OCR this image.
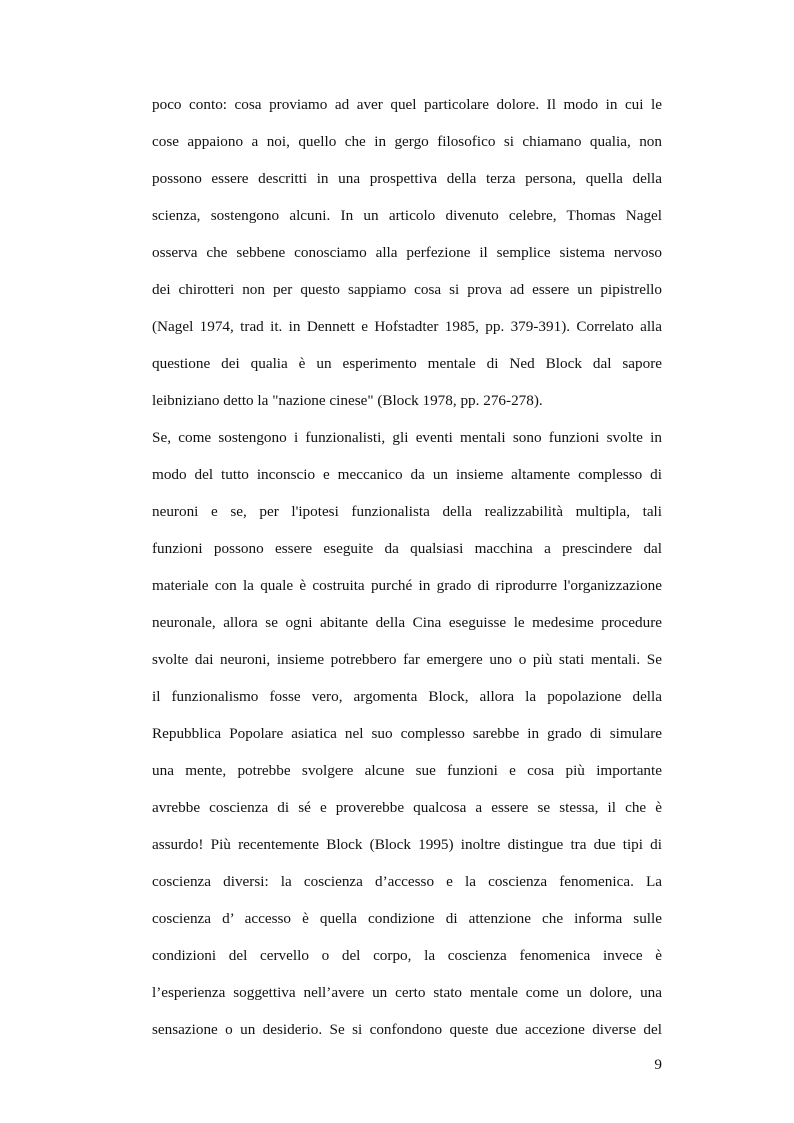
poco conto: cosa proviamo ad aver quel particolare dolore. Il modo in cui le
cose appaiono a noi, quello che in gergo filosofico si chiamano qualia, non
possono essere descritti in una prospettiva della terza persona, quella della
scienza, sostengono alcuni. In un articolo divenuto celebre, Thomas Nagel
osserva che sebbene conosciamo alla perfezione il semplice sistema nervoso
dei chirotteri non per questo sappiamo cosa si prova ad essere un pipistrello
(Nagel 1974, trad it. in Dennett e Hofstadter 1985, pp. 379-391). Correlato alla
questione dei qualia è un esperimento mentale di Ned Block dal sapore
leibniziano detto la "nazione cinese" (Block 1978, pp. 276-278).
Se, come sostengono i funzionalisti, gli eventi mentali sono funzioni svolte in
modo del tutto inconscio e meccanico da un insieme altamente complesso di
neuroni e se, per l'ipotesi funzionalista della realizzabilità multipla, tali
funzioni possono essere eseguite da qualsiasi macchina a prescindere dal
materiale con la quale è costruita purché in grado di riprodurre l'organizzazione
neuronale, allora se ogni abitante della Cina eseguisse le medesime procedure
svolte dai neuroni, insieme potrebbero far emergere uno o più stati mentali. Se
il funzionalismo fosse vero, argomenta Block, allora la popolazione della
Repubblica Popolare asiatica nel suo complesso sarebbe in grado di simulare
una mente, potrebbe svolgere alcune sue funzioni e cosa più importante
avrebbe coscienza di sé e proverebbe qualcosa a essere se stessa, il che è
assurdo! Più recentemente Block (Block 1995) inoltre distingue tra due tipi di
coscienza diversi: la coscienza d’accesso e la coscienza fenomenica. La
coscienza d’ accesso è quella condizione di attenzione che informa sulle
condizioni del cervello o del corpo, la coscienza fenomenica invece è
l’esperienza soggettiva nell’avere un certo stato mentale come un dolore, una
sensazione o un desiderio. Se si confondono queste due accezione diverse del
9
